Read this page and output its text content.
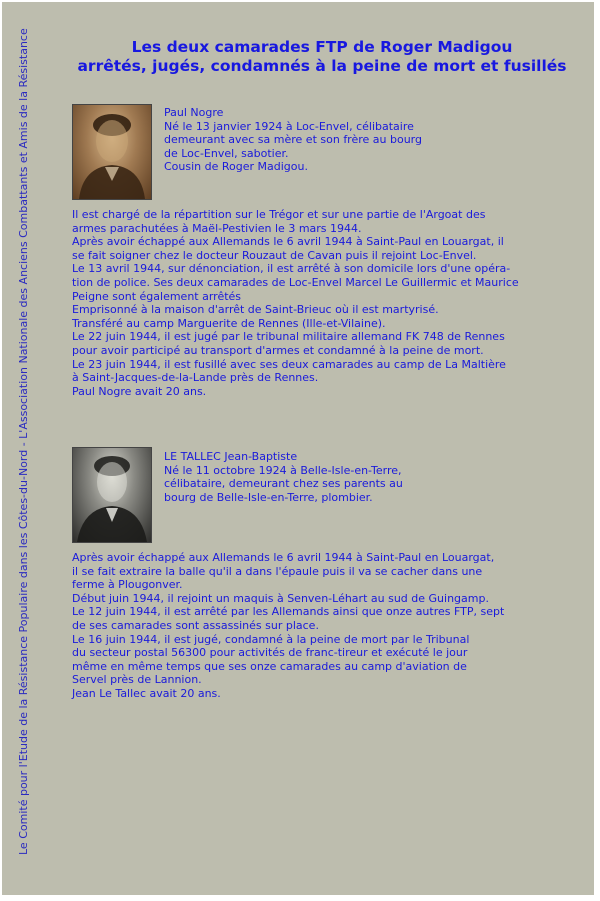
Le Comité pour l'Etude de la Résistance Populaire dans les Côtes-du-Nord - L'Association Nationale des Anciens Combattants et Amis de la Résistance	Les deux camarades FTP de Roger Madigou
arrêtés, jugés, condamnés à la peine de mort et fusillés

Paul Nogre

Né le 13 janvier 1924 à Loc-Envel, célibataire

demeurant avec sa mère et son frère au bourg

de Loc-Envel, sabotier.

Cousin de Roger Madigou.

Il est chargé de la répartition sur le Trégor et sur une partie de l'Argoat des

armes parachutées à Maël-Pestivien le 3 mars 1944.

Après avoir échappé aux Allemands le 6 avril 1944 à Saint-Paul en Louargat, il

se fait soigner chez le docteur Rouzaut de Cavan puis il rejoint Loc-Envel.

Le 13 avril 1944, sur dénonciation, il est arrêté à son domicile lors d'une opéra-

tion de police. Ses deux camarades de Loc-Envel Marcel Le Guillermic et Maurice

Peigne sont également arrêtés

Emprisonné à la maison d'arrêt de Saint-Brieuc où il est martyrisé.

Transféré au camp Marguerite de Rennes (Ille-et-Vilaine).

Le 22 juin 1944, il est jugé par le tribunal militaire allemand FK 748 de Rennes

pour avoir participé au transport d'armes et condamné à la peine de mort.

Le 23 juin 1944, il est fusillé avec ses deux camarades au camp de La Maltière

à Saint-Jacques-de-la-Lande près de Rennes.

Paul Nogre avait 20 ans.

LE TALLEC Jean-Baptiste

Né le 11 octobre 1924 à Belle-Isle-en-Terre,

célibataire, demeurant chez ses parents au

bourg de Belle-Isle-en-Terre, plombier.

Après avoir échappé aux Allemands le 6 avril 1944 à Saint-Paul en Louargat,

il se fait extraire la balle qu'il a dans l'épaule puis il va se cacher dans une

ferme à Plougonver.

Début juin 1944, il rejoint un maquis à Senven-Léhart au sud de Guingamp.

Le 12 juin 1944, il est arrêté par les Allemands ainsi que onze autres FTP, sept

de ses camarades sont assassinés sur place.

Le 16 juin 1944, il est jugé, condamné à la peine de mort par le Tribunal

du secteur postal 56300 pour activités de franc-tireur et exécuté le jour

même en même temps que ses onze camarades au camp d'aviation de

Servel près de Lannion.

Jean Le Tallec avait 20 ans.
